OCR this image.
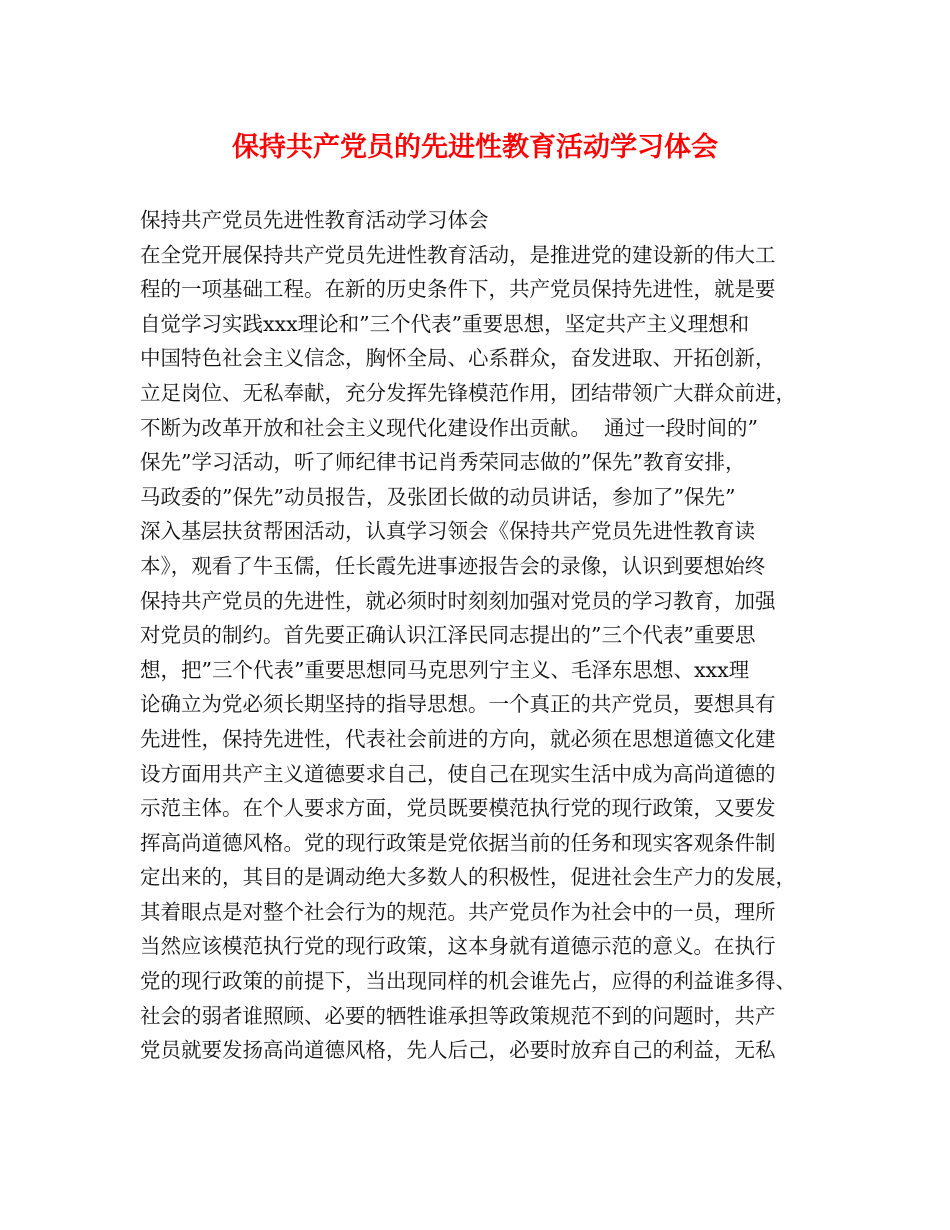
保持共产党员的先进性教育活动学习体会
保持共产党员先进性教育活动学习体会
在全党开展保持共产党员先进性教育活动，是推进党的建设新的伟大工
程的一项基础工程。在新的历史条件下，共产党员保持先进性，就是要
自觉学习实践xxx理论和”三个代表”重要思想，坚定共产主义理想和
中国特色社会主义信念，胸怀全局、心系群众，奋发进取、开拓创新，
立足岗位、无私奉献，充分发挥先锋模范作用，团结带领广大群众前进，
不断为改革开放和社会主义现代化建设作出贡献。  通过一段时间的”
保先”学习活动，听了师纪律书记肖秀荣同志做的”保先”教育安排，
马政委的”保先”动员报告，及张团长做的动员讲话，参加了”保先”
深入基层扶贫帮困活动，认真学习领会《保持共产党员先进性教育读
本》，观看了牛玉儒，任长霞先进事迹报告会的录像，认识到要想始终
保持共产党员的先进性，就必须时时刻刻加强对党员的学习教育，加强
对党员的制约。首先要正确认识江泽民同志提出的”三个代表”重要思
想，把”三个代表”重要思想同马克思列宁主义、毛泽东思想、xxx理
论确立为党必须长期坚持的指导思想。一个真正的共产党员，要想具有
先进性，保持先进性，代表社会前进的方向，就必须在思想道德文化建
设方面用共产主义道德要求自己，使自己在现实生活中成为高尚道德的
示范主体。在个人要求方面，党员既要模范执行党的现行政策，又要发
挥高尚道德风格。党的现行政策是党依据当前的任务和现实客观条件制
定出来的，其目的是调动绝大多数人的积极性，促进社会生产力的发展，
其着眼点是对整个社会行为的规范。共产党员作为社会中的一员，理所
当然应该模范执行党的现行政策，这本身就有道德示范的意义。在执行
党的现行政策的前提下，当出现同样的机会谁先占，应得的利益谁多得、
社会的弱者谁照顾、必要的牺牲谁承担等政策规范不到的问题时，共产
党员就要发扬高尚道德风格，先人后己，必要时放弃自己的利益，无私
